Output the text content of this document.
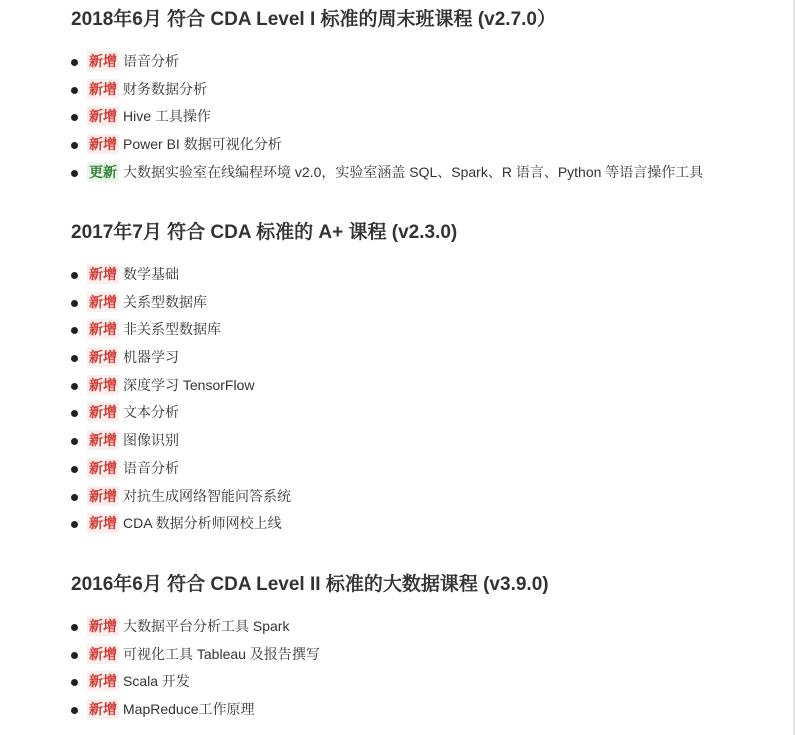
2018年6月 符合 CDA Level I 标准的周末班课程 (v2.7.0）
新增 语音分析
新增 财务数据分析
新增 Hive 工具操作
新增 Power BI 数据可视化分析
更新 大数据实验室在线编程环境 v2.0，实验室涵盖 SQL、Spark、R 语言、Python 等语言操作工具
2017年7月 符合 CDA 标准的 A+ 课程 (v2.3.0)
新增 数学基础
新增 关系型数据库
新增 非关系型数据库
新增 机器学习
新增 深度学习 TensorFlow
新增 文本分析
新增 图像识别
新增 语音分析
新增 对抗生成网络智能问答系统
新增 CDA 数据分析师网校上线
2016年6月 符合 CDA Level II 标准的大数据课程 (v3.9.0)
新增 大数据平台分析工具 Spark
新增 可视化工具 Tableau 及报告撰写
新增 Scala 开发
新增 MapReduce工作原理
